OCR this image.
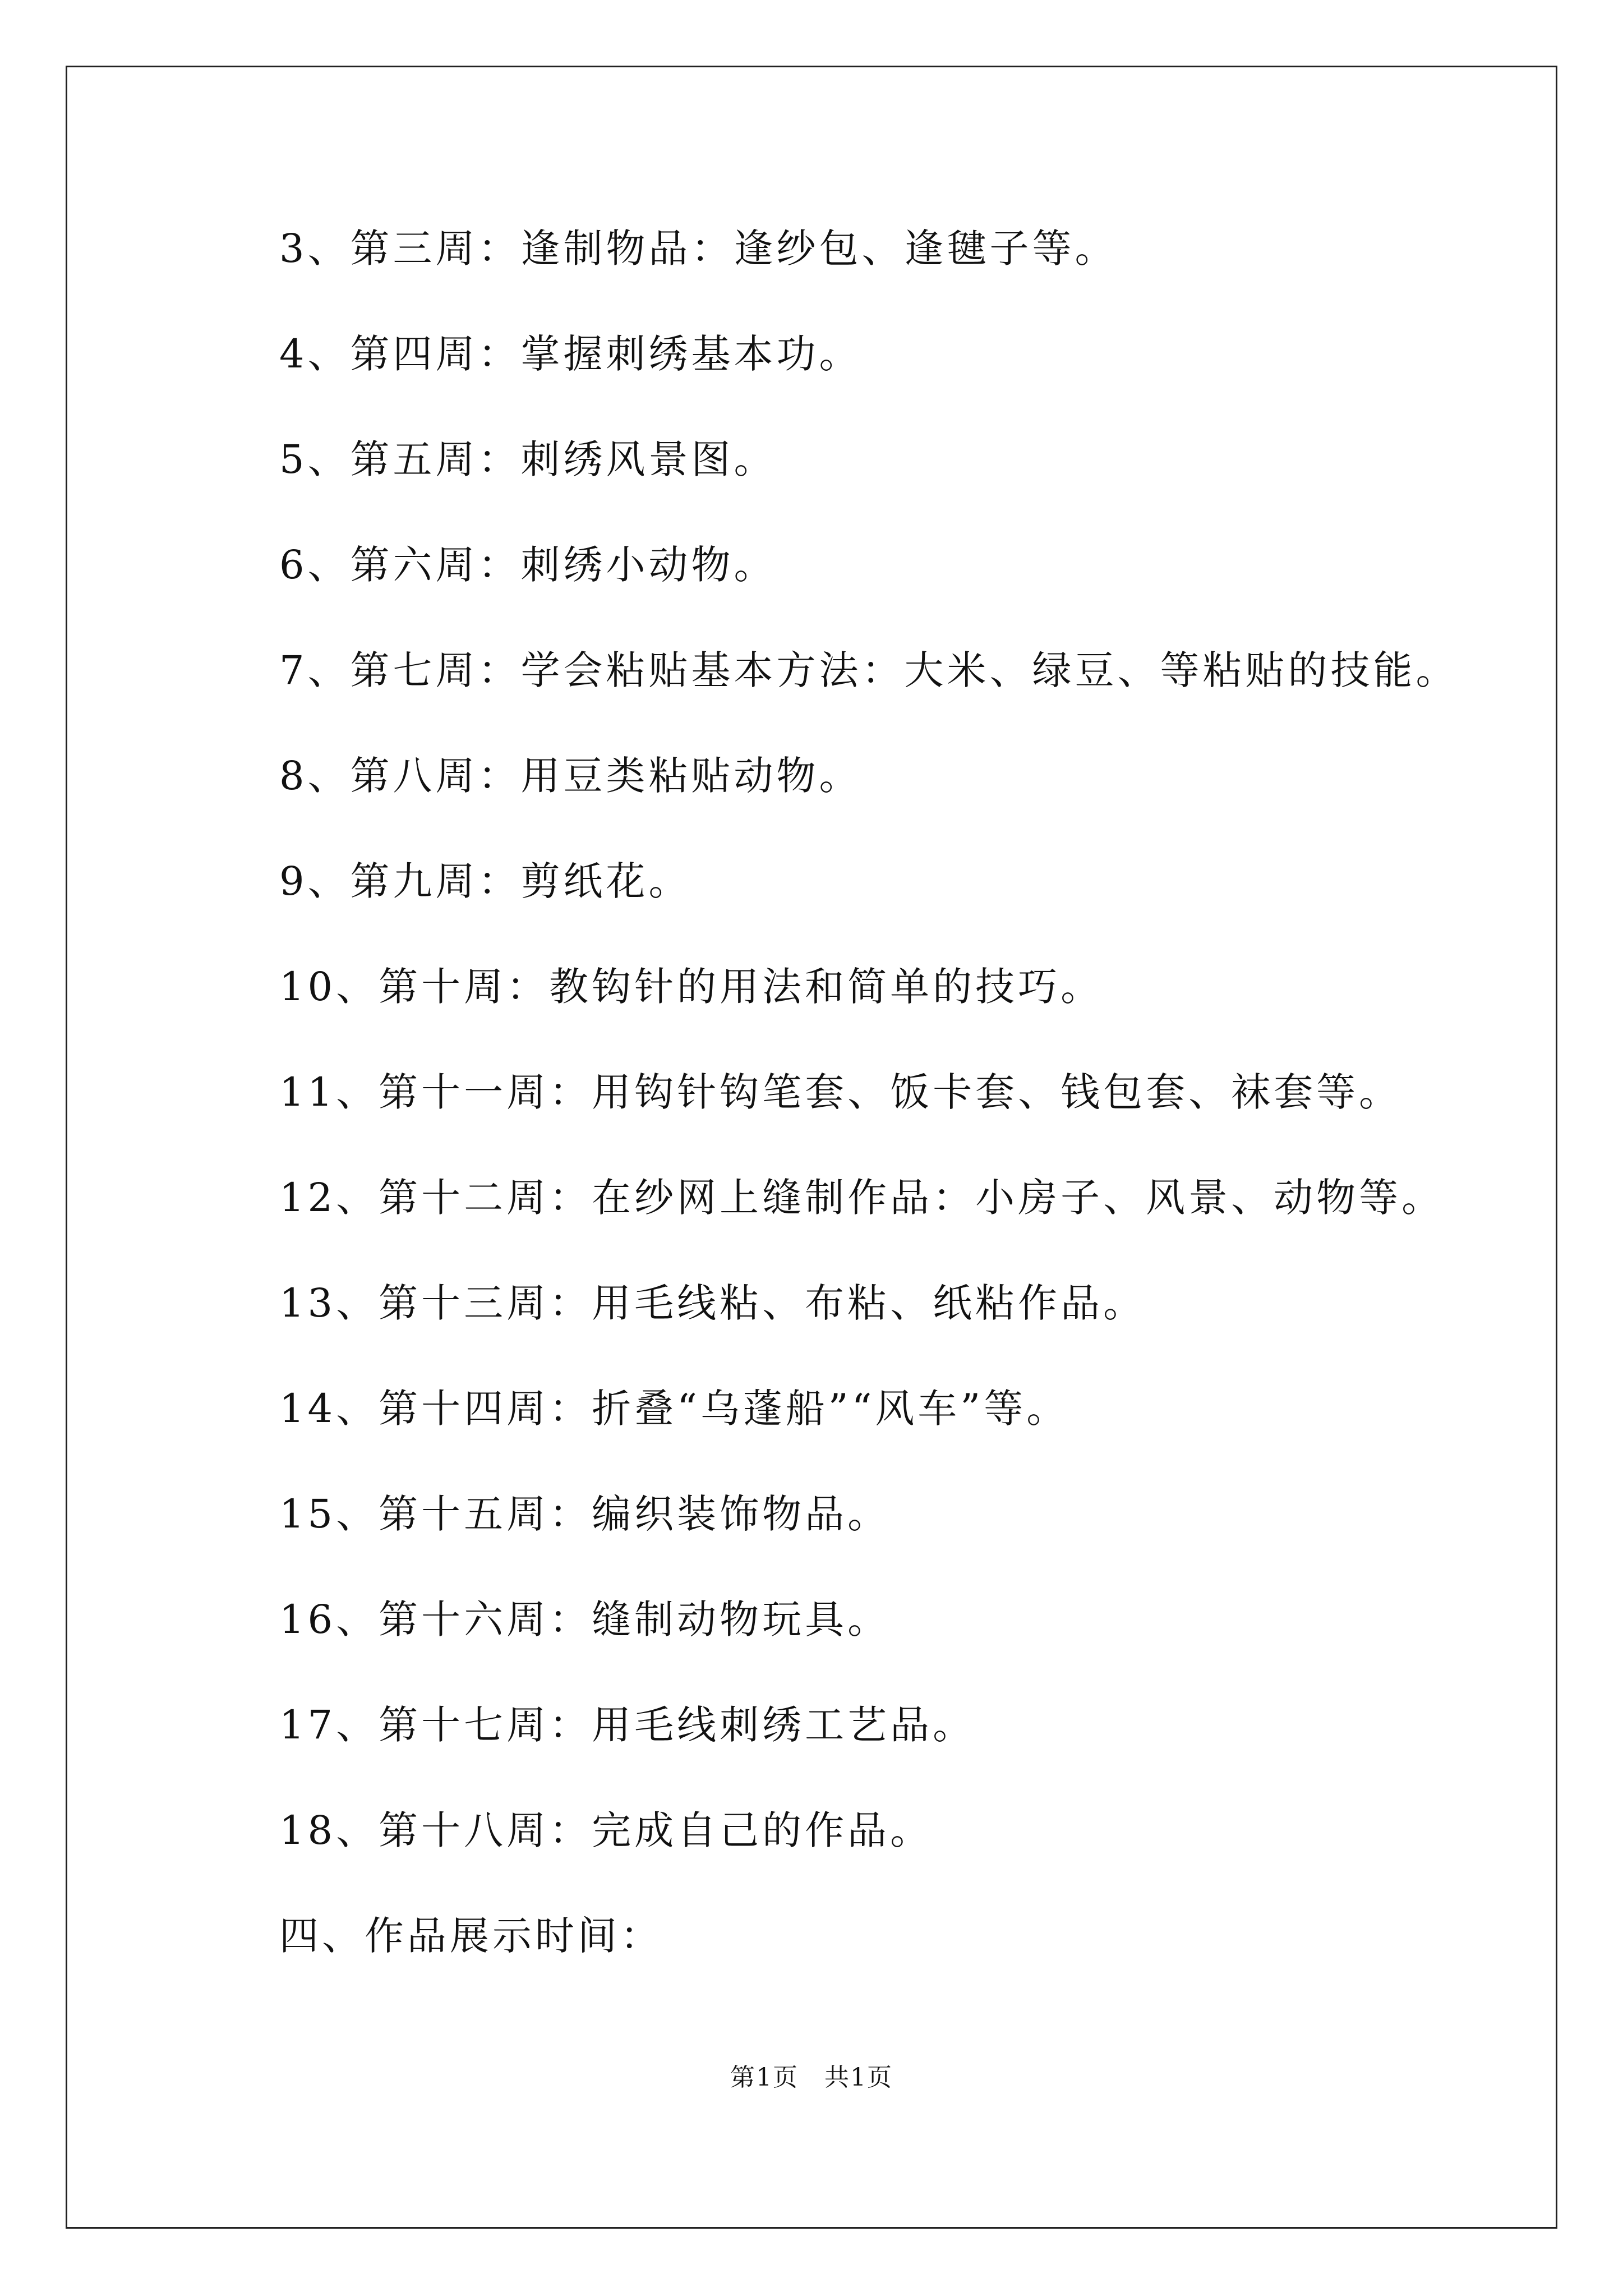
3、第三周：逢制物品：逢纱包、逢毽子等。
4、第四周：掌握刺绣基本功。
5、第五周：刺绣风景图。
6、第六周：刺绣小动物。
7、第七周：学会粘贴基本方法：大米、绿豆、等粘贴的技能。
8、第八周：用豆类粘贴动物。
9、第九周：剪纸花。
10、第十周：教钩针的用法和简单的技巧。
11、第十一周：用钩针钩笔套、饭卡套、钱包套、袜套等。
12、第十二周：在纱网上缝制作品：小房子、风景、动物等。
13、第十三周：用毛线粘、布粘、纸粘作品。
14、第十四周：折叠“乌蓬船”“风车”等。
15、第十五周：编织装饰物品。
16、第十六周：缝制动物玩具。
17、第十七周：用毛线刺绣工艺品。
18、第十八周：完成自己的作品。
四、作品展示时间：
第1页　共1页
